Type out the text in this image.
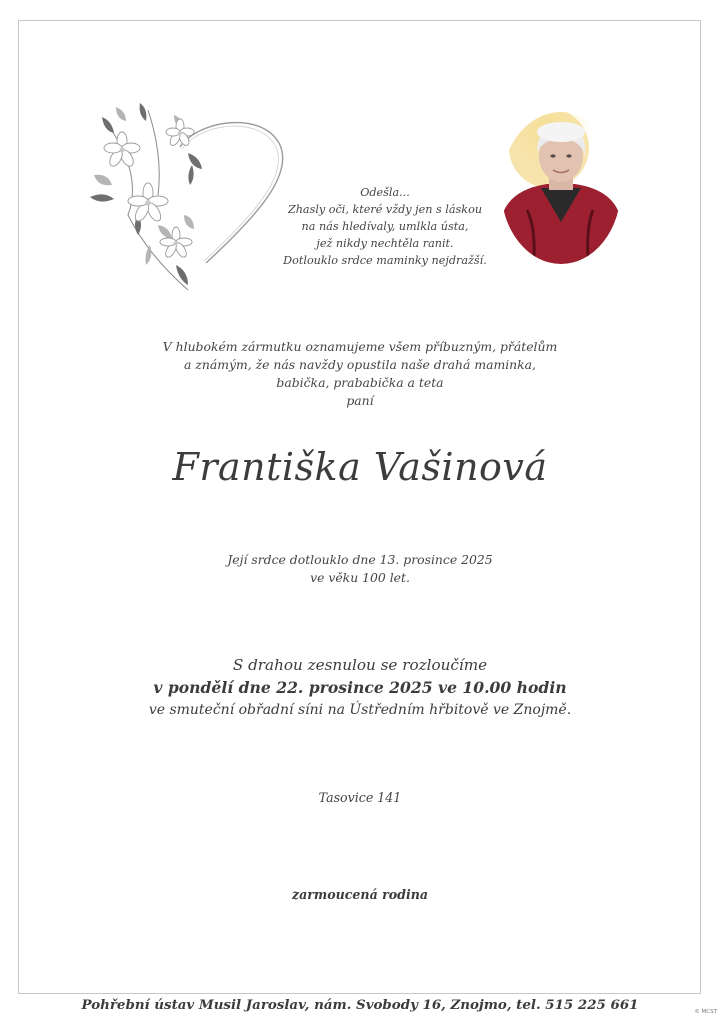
Odešla...
Zhasly oči, které vždy jen s láskou
na nás hledívaly, umlkla ústa,
jež nikdy nechtěla ranit.
Dotlouklo srdce maminky nejdražší.
V hlubokém zármutku oznamujeme všem příbuzným, přátelům
a známým, že nás navždy opustila naše drahá maminka,
babička, prababička a teta
paní
Františka Vašinová
Její srdce dotlouklo dne 13. prosince 2025
ve věku 100 let.
S drahou zesnulou se rozloučíme
v pondělí dne 22. prosince 2025 ve 10.00 hodin
ve smuteční obřadní síni na Ústředním hřbitově ve Znojmě.
Tasovice 141
zarmoucená rodina
Pohřební ústav Musil Jaroslav, nám. Svobody 16, Znojmo, tel. 515 225 661	© MCST
